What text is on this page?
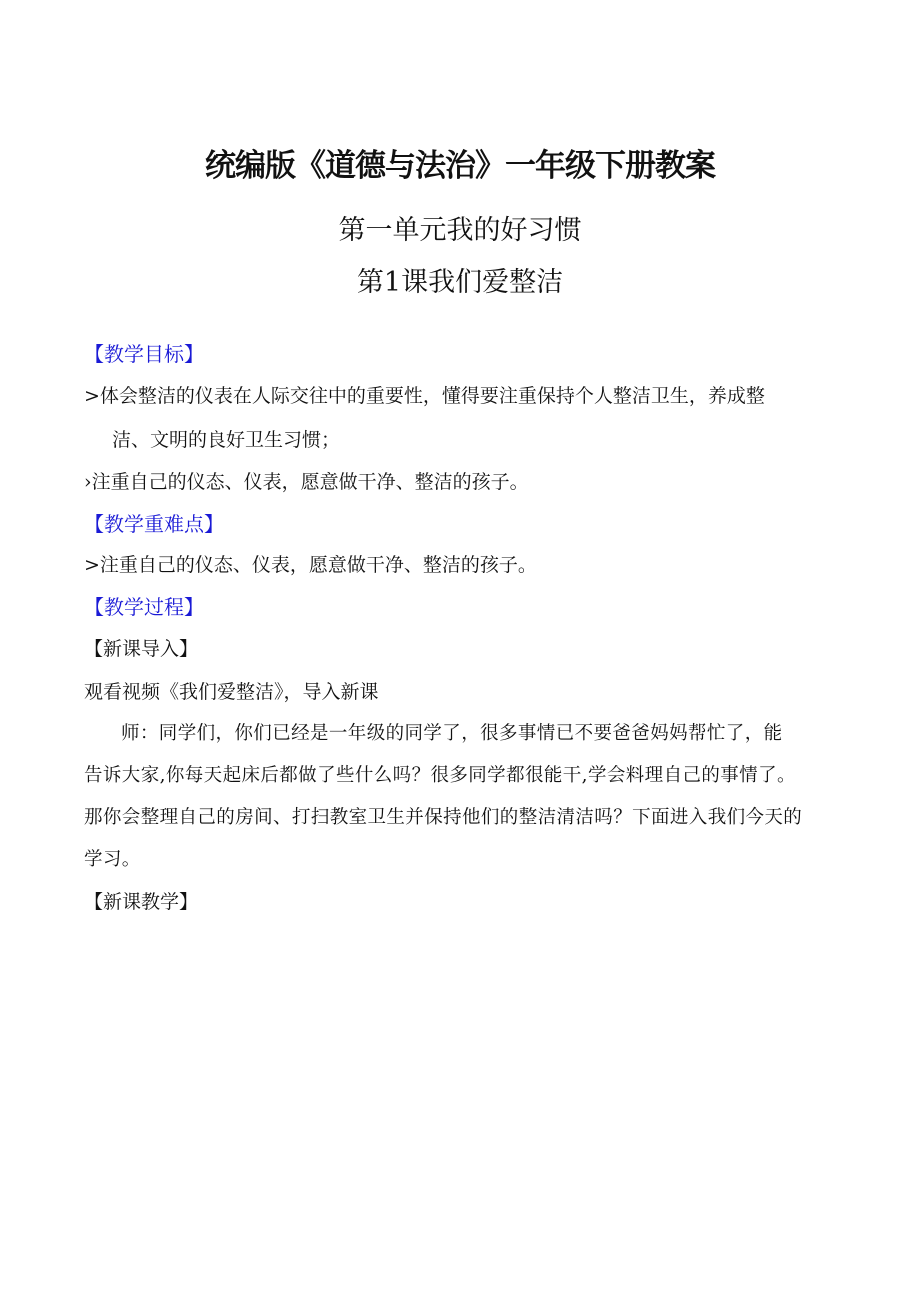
统编版《道德与法治》一年级下册教案
第一单元我的好习惯
第1课我们爱整洁
【教学目标】
>体会整洁的仪表在人际交往中的重要性，懂得要注重保持个人整洁卫生，养成整
洁、文明的良好卫生习惯；
›注重自己的仪态、仪表，愿意做干净、整洁的孩子。
【教学重难点】
>注重自己的仪态、仪表，愿意做干净、整洁的孩子。
【教学过程】
【新课导入】
观看视频《我们爱整洁》，导入新课
师：同学们，你们已经是一年级的同学了，很多事情已不要爸爸妈妈帮忙了，能
告诉大家,你每天起床后都做了些什么吗？很多同学都很能干,学会料理自己的事情了。
那你会整理自己的房间、打扫教室卫生并保持他们的整洁清洁吗？下面进入我们今天的
学习。
【新课教学】
